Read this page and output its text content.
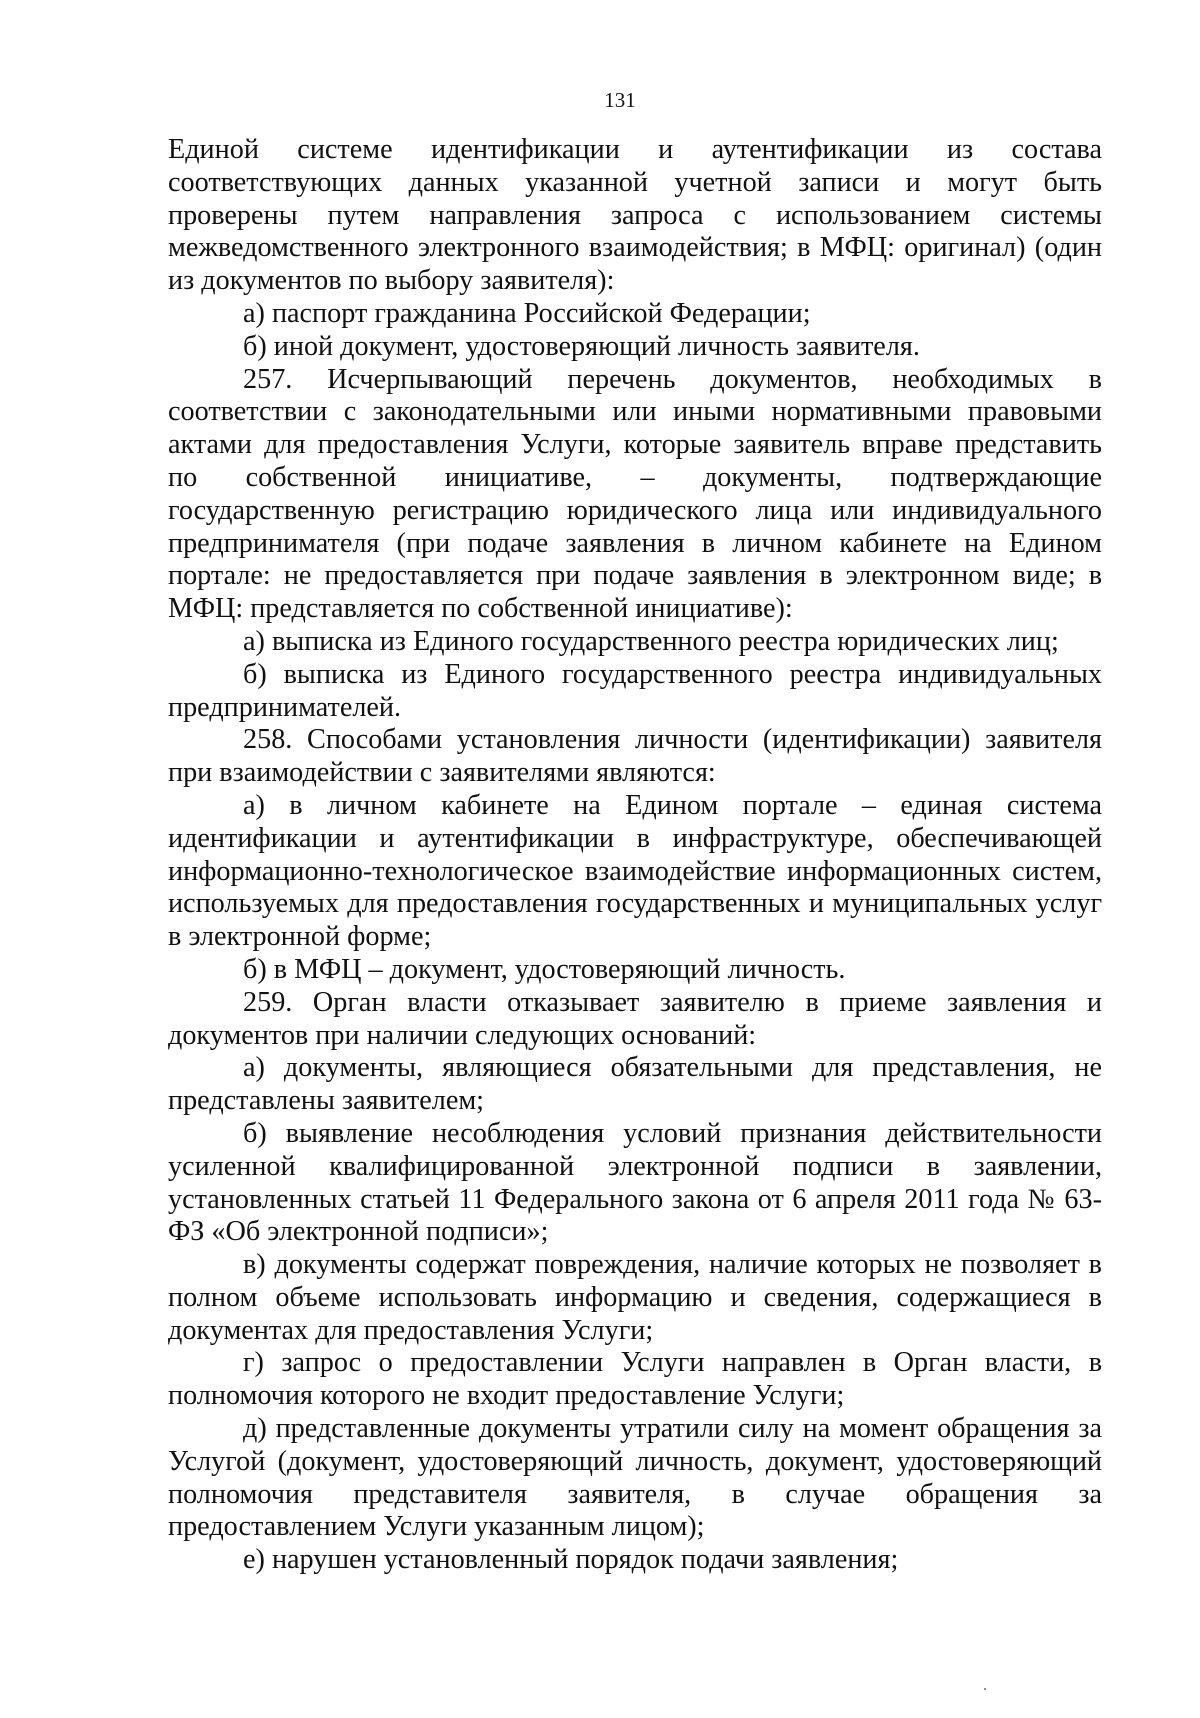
131

Единой системе идентификации и аутентификации из состава соответствующих данных указанной учетной записи и могут быть проверены путем направления запроса с использованием системы межведомственного электронного взаимодействия; в МФЦ: оригинал) (один из документов по выбору заявителя):

а) паспорт гражданина Российской Федерации;

б) иной документ, удостоверяющий личность заявителя.

257. Исчерпывающий перечень документов, необходимых в соответствии с законодательными или иными нормативными правовыми актами для предоставления Услуги, которые заявитель вправе представить по собственной инициативе, – документы, подтверждающие государственную регистрацию юридического лица или индивидуального предпринимателя (при подаче заявления в личном кабинете на Едином портале: не предоставляется при подаче заявления в электронном виде; в МФЦ: представляется по собственной инициативе):

а) выписка из Единого государственного реестра юридических лиц;

б) выписка из Единого государственного реестра индивидуальных предпринимателей.

258. Способами установления личности (идентификации) заявителя при взаимодействии с заявителями являются:

а) в личном кабинете на Едином портале – единая система идентификации и аутентификации в инфраструктуре, обеспечивающей информационно-технологическое взаимодействие информационных систем, используемых для предоставления государственных и муниципальных услуг в электронной форме;

б) в МФЦ – документ, удостоверяющий личность.

259. Орган власти отказывает заявителю в приеме заявления и документов при наличии следующих оснований:

а) документы, являющиеся обязательными для представления, не представлены заявителем;

б) выявление несоблюдения условий признания действительности усиленной квалифицированной электронной подписи в заявлении, установленных статьей 11 Федерального закона от 6 апреля 2011 года № 63-ФЗ «Об электронной подписи»;

в) документы содержат повреждения, наличие которых не позволяет в полном объеме использовать информацию и сведения, содержащиеся в документах для предоставления Услуги;

г) запрос о предоставлении Услуги направлен в Орган власти, в полномочия которого не входит предоставление Услуги;

д) представленные документы утратили силу на момент обращения за Услугой (документ, удостоверяющий личность, документ, удостоверяющий полномочия представителя заявителя, в случае обращения за предоставлением Услуги указанным лицом);

е) нарушен установленный порядок подачи заявления;
